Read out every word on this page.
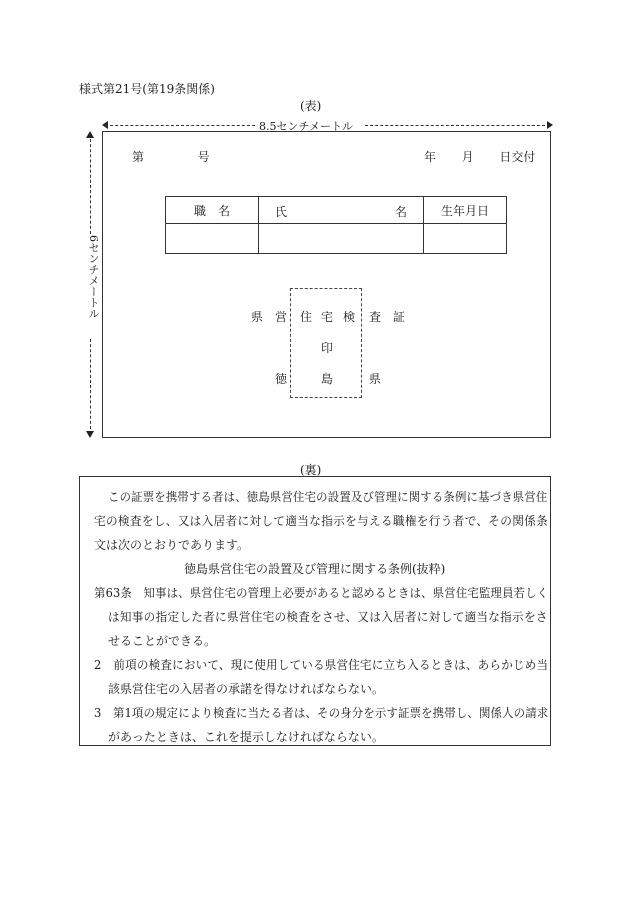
様式第21号(第19条関係)
(表)
8.5センチメートル
6センチメートル
第	号	年 月 日交付
職　名	氏 名	生年月日

県 営 住 宅 検 査 証
印
徳	島	県
(裏)
この証票を携帯する者は、徳島県営住宅の設置及び管理に関する条例に基づき県営住
宅の検査をし、又は入居者に対して適当な指示を与える職権を行う者で、その関係条
文は次のとおりであります。
徳島県営住宅の設置及び管理に関する条例(抜粋)
第63条　知事は、県営住宅の管理上必要があると認めるときは、県営住宅監理員若しく
は知事の指定した者に県営住宅の検査をさせ、又は入居者に対して適当な指示をさ
せることができる。
2　前項の検査において、現に使用している県営住宅に立ち入るときは、あらかじめ当
該県営住宅の入居者の承諾を得なければならない。
3　第1項の規定により検査に当たる者は、その身分を示す証票を携帯し、関係人の請求
があったときは、これを提示しなければならない。
